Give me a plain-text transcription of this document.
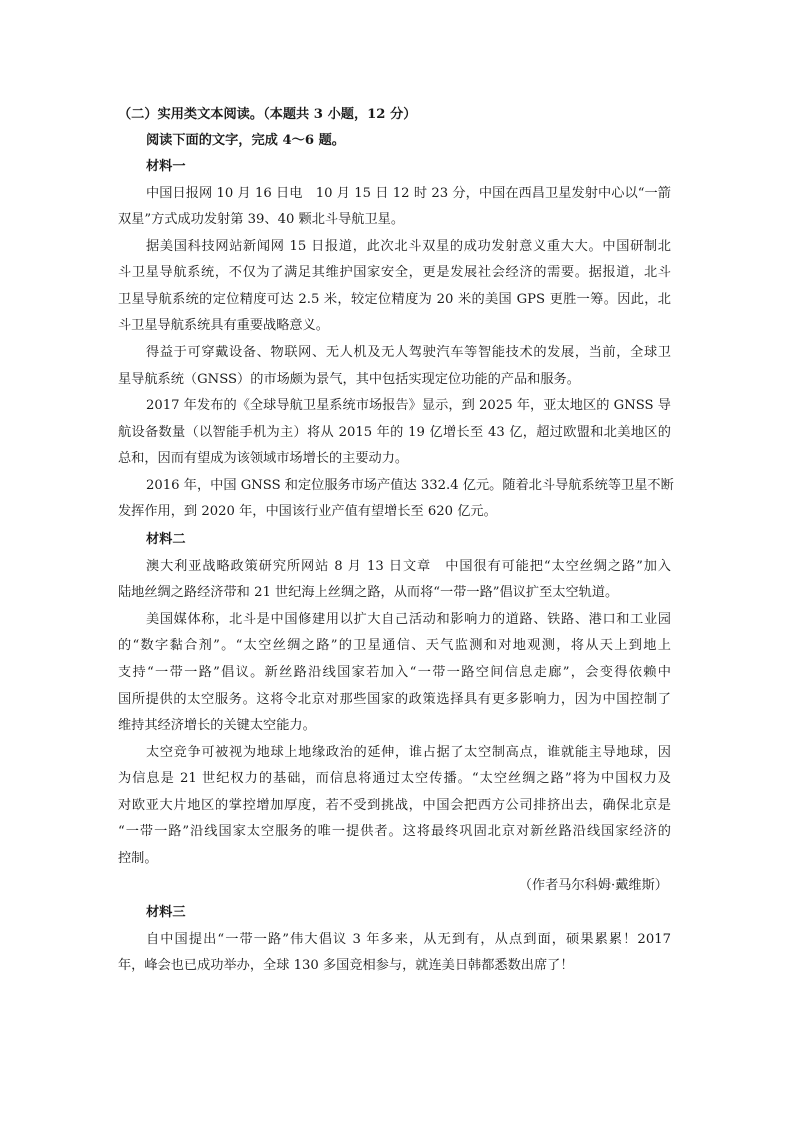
（二）实用类文本阅读。（本题共 3 小题，12 分）
阅读下面的文字，完成 4～6 题。
材料一
中国日报网 10 月 16 日电　10 月 15 日 12 时 23 分，中国在西昌卫星发射中心以“一箭
双星”方式成功发射第 39、40 颗北斗导航卫星。
据美国科技网站新闻网 15 日报道，此次北斗双星的成功发射意义重大大。中国研制北
斗卫星导航系统，不仅为了满足其维护国家安全，更是发展社会经济的需要。据报道，北斗
卫星导航系统的定位精度可达 2.5 米，较定位精度为 20 米的美国 GPS 更胜一筹。因此，北
斗卫星导航系统具有重要战略意义。
得益于可穿戴设备、物联网、无人机及无人驾驶汽车等智能技术的发展，当前，全球卫
星导航系统（GNSS）的市场颇为景气，其中包括实现定位功能的产品和服务。
2017 年发布的《全球导航卫星系统市场报告》显示，到 2025 年，亚太地区的 GNSS 导
航设备数量（以智能手机为主）将从 2015 年的 19 亿增长至 43 亿，超过欧盟和北美地区的
总和，因而有望成为该领域市场增长的主要动力。
2016 年，中国 GNSS 和定位服务市场产值达 332.4 亿元。随着北斗导航系统等卫星不断
发挥作用，到 2020 年，中国该行业产值有望增长至 620 亿元。
材料二
澳大利亚战略政策研究所网站 8 月 13 日文章　中国很有可能把“太空丝绸之路”加入
陆地丝绸之路经济带和 21 世纪海上丝绸之路，从而将“一带一路”倡议扩至太空轨道。
美国媒体称，北斗是中国修建用以扩大自己活动和影响力的道路、铁路、港口和工业园
的“数字黏合剂”。“太空丝绸之路”的卫星通信、天气监测和对地观测，将从天上到地上
支持“一带一路”倡议。新丝路沿线国家若加入“一带一路空间信息走廊”，会变得依赖中
国所提供的太空服务。这将令北京对那些国家的政策选择具有更多影响力，因为中国控制了
维持其经济增长的关键太空能力。
太空竞争可被视为地球上地缘政治的延伸，谁占据了太空制高点，谁就能主导地球，因
为信息是 21 世纪权力的基础，而信息将通过太空传播。“太空丝绸之路”将为中国权力及
对欧亚大片地区的掌控增加厚度，若不受到挑战，中国会把西方公司排挤出去，确保北京是
“一带一路”沿线国家太空服务的唯一提供者。这将最终巩固北京对新丝路沿线国家经济的
控制。
（作者马尔科姆·戴维斯）
材料三
自中国提出“一带一路”伟大倡议 3 年多来，从无到有，从点到面，硕果累累！2017
年，峰会也已成功举办，全球 130 多国竞相参与，就连美日韩都悉数出席了！
